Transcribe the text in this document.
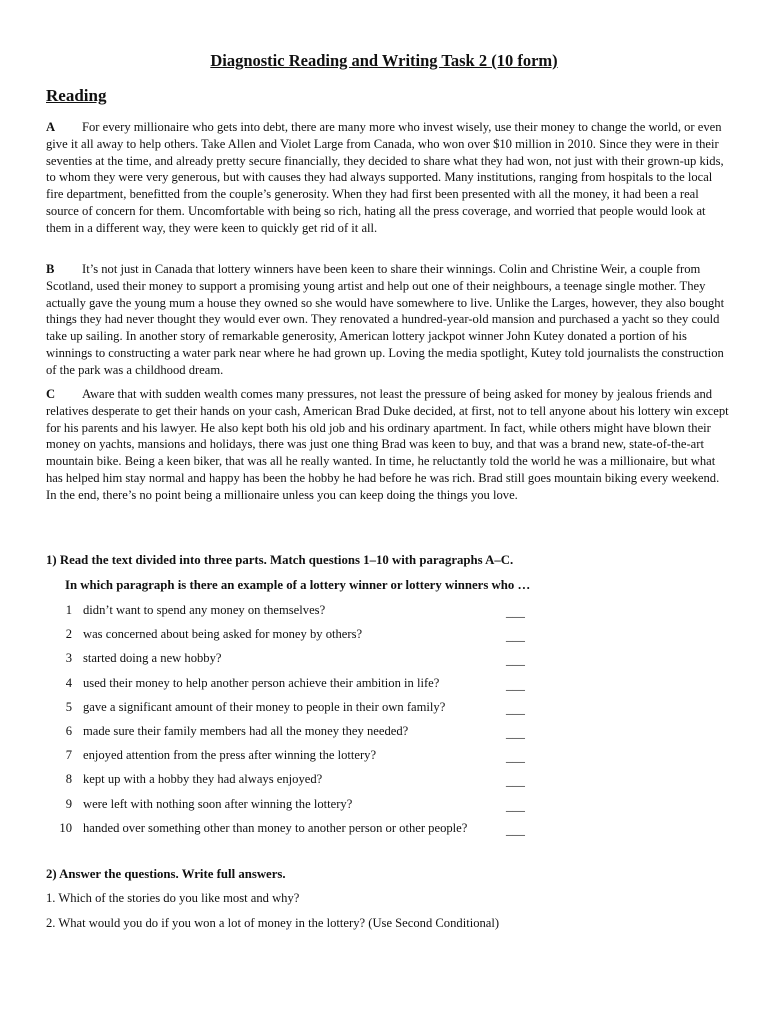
Diagnostic Reading and Writing Task 2 (10 form)
Reading

A For every millionaire who gets into debt, there are many more who invest wisely, use their money to change the world, or even give it all away to help others. Take Allen and Violet Large from Canada, who won over $10 million in 2010. Since they were in their seventies at the time, and already pretty secure financially, they decided to share what they had won, not just with their grown-up kids, to whom they were very generous, but with causes they had always supported. Many institutions, ranging from hospitals to the local fire department, benefitted from the couple’s generosity. When they had first been presented with all the money, it had been a real source of concern for them. Uncomfortable with being so rich, hating all the press coverage, and worried that people would look at them in a different way, they were keen to quickly get rid of it all.

B It’s not just in Canada that lottery winners have been keen to share their winnings. Colin and Christine Weir, a couple from Scotland, used their money to support a promising young artist and help out one of their neighbours, a teenage single mother. They actually gave the young mum a house they owned so she would have somewhere to live. Unlike the Larges, however, they also bought things they had never thought they would ever own. They renovated a hundred-year-old mansion and purchased a yacht so they could take up sailing. In another story of remarkable generosity, American lottery jackpot winner John Kutey donated a portion of his winnings to constructing a water park near where he had grown up. Loving the media spotlight, Kutey told journalists the construction of the park was a childhood dream.

C Aware that with sudden wealth comes many pressures, not least the pressure of being asked for money by jealous friends and relatives desperate to get their hands on your cash, American Brad Duke decided, at first, not to tell anyone about his lottery win except for his parents and his lawyer. He also kept both his old job and his ordinary apartment. In fact, while others might have blown their money on yachts, mansions and holidays, there was just one thing Brad was keen to buy, and that was a brand new, state-of-the-art mountain bike. Being a keen biker, that was all he really wanted. In time, he reluctantly told the world he was a millionaire, but what has helped him stay normal and happy has been the hobby he had before he was rich. Brad still goes mountain biking every weekend. In the end, there’s no point being a millionaire unless you can keep doing the things you love.

1) Read the text divided into three parts. Match questions 1–10 with paragraphs A–C.

In which paragraph is there an example of a lottery winner or lottery winners who …

1 didn’t want to spend any money on themselves?	___
2 was concerned about being asked for money by others?	___
3 started doing a new hobby?	___
4 used their money to help another person achieve their ambition in life?	___
5 gave a significant amount of their money to people in their own family?	___
6 made sure their family members had all the money they needed?	___
7 enjoyed attention from the press after winning the lottery?	___
8 kept up with a hobby they had always enjoyed?	___
9 were left with nothing soon after winning the lottery?	___
10 handed over something other than money to another person or other people?	___

2) Answer the questions. Write full answers.

1. Which of the stories do you like most and why?

2. What would you do if you won a lot of money in the lottery? (Use Second Conditional)
